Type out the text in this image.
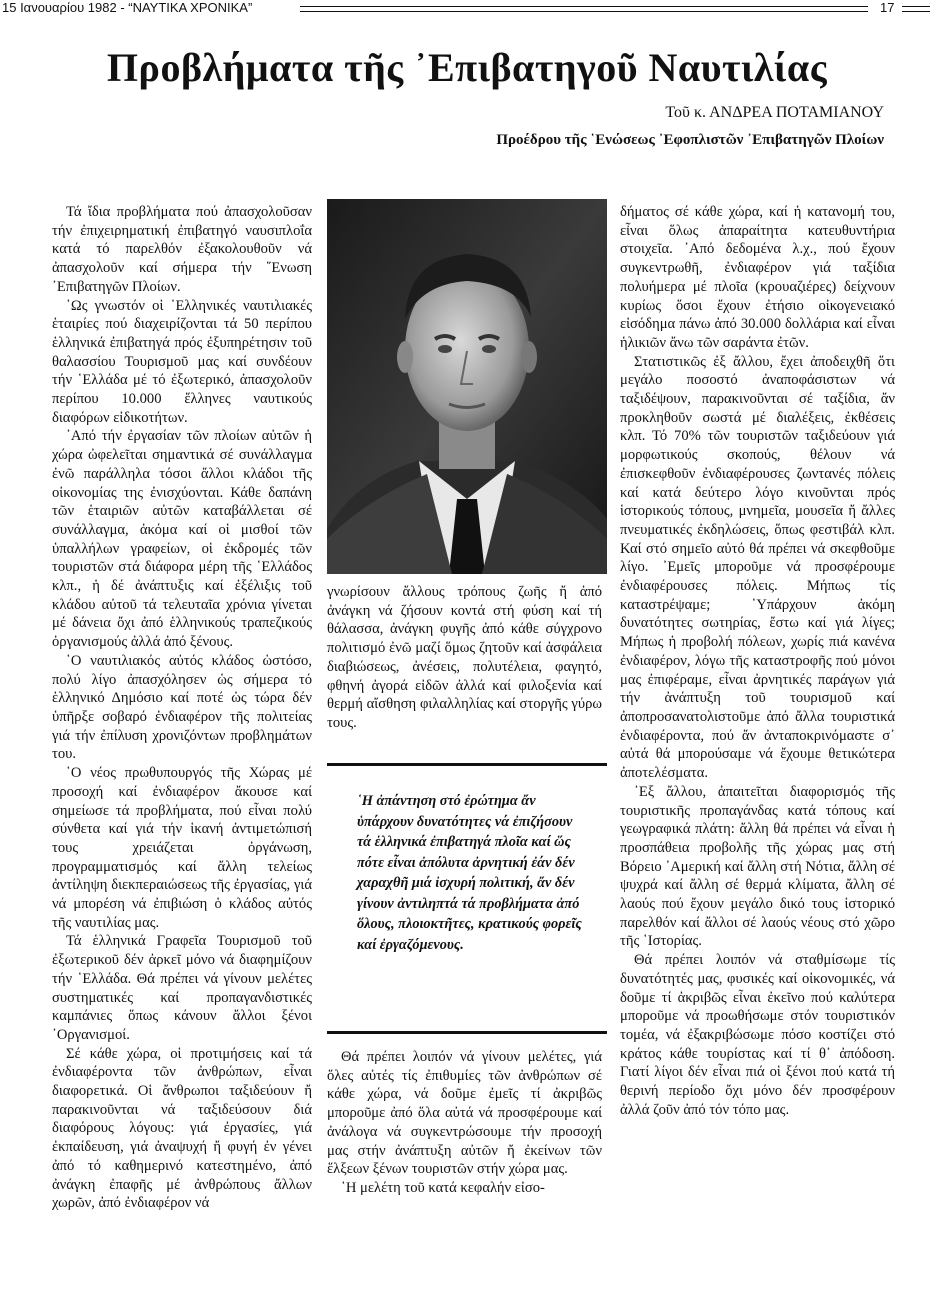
15 Ιανουαρίου 1982 - “ΝΑΥΤΙΚΑ ΧΡΟΝΙΚΑ”	17
Προβλήματα τῆς ᾿Επιβατηγοῦ Ναυτιλίας
Τοῦ κ. ΑΝΔΡΕΑ ΠΟΤΑΜΙΑΝΟΥ
Προέδρου τῆς ῾Ενώσεως ᾿Εφοπλιστῶν ᾿Επιβατηγῶν Πλοίων

Τά ἴδια προβλήματα πού ἀπασχολοῦσαν τήν ἐπιχειρηματική ἐπιβατηγό ναυσιπλοΐα κατά τό παρελθόν ἐξακολουθοῦν νά ἀπασχολοῦν καί σήμερα τήν ῞Ενωση ᾿Επιβατηγῶν Πλοίων.

῾Ως γνωστόν οἱ ῾Ελληνικές ναυτιλιακές ἑταιρίες πού διαχειρίζονται τά 50 περίπου ἑλληνικά ἐπιβατηγά πρός ἐξυπηρέτησιν τοῦ θαλασσίου Τουρισμοῦ μας καί συνδέουν τήν ῾Ελλάδα μέ τό ἐξωτερικό, ἀπασχολοῦν περίπου 10.000 ἕλληνες ναυτικούς διαφόρων εἰδικοτήτων.

᾿Από τήν ἐργασίαν τῶν πλοίων αὐτῶν ἡ χώρα ὠφελεῖται σημαντικά σέ συνάλλαγμα ἐνῶ παράλληλα τόσοι ἄλλοι κλάδοι τῆς οἰκονομίας της ἐνισχύονται. Κάθε δαπάνη τῶν ἑταιριῶν αὐτῶν καταβάλλεται σέ συνάλλαγμα, ἀκόμα καί οἱ μισθοί τῶν ὑπαλλήλων γραφείων, οἱ ἐκδρομές τῶν τουριστῶν στά διάφορα μέρη τῆς ῾Ελλάδος κλπ., ἡ δέ ἀνάπτυξις καί ἐξέλιξις τοῦ κλάδου αὐτοῦ τά τελευταῖα χρόνια γίνεται μέ δάνεια ὄχι ἀπό ἑλληνικούς τραπεζικούς ὀργανισμούς ἀλλά ἀπό ξένους.

῾Ο ναυτιλιακός αὐτός κλάδος ὡστόσο, πολύ λίγο ἀπασχόλησεν ὡς σήμερα τό ἑλληνικό Δημόσιο καί ποτέ ὡς τώρα δέν ὑπῆρξε σοβαρό ἐνδιαφέρον τῆς πολιτείας γιά τήν ἐπίλυση χρονιζόντων προβλημάτων του.

῾Ο νέος πρωθυπουργός τῆς Χώρας μέ προσοχή καί ἐνδιαφέρον ἄκουσε καί σημείωσε τά προβλήματα, πού εἶναι πολύ σύνθετα καί γιά τήν ἱκανή ἀντιμετώπισή τους χρειάζεται ὀργάνωση, προγραμματισμός καί ἄλλη τελείως ἀντίληψη διεκπεραιώσεως τῆς ἐργασίας, γιά νά μπορέση νά ἐπιβιώση ὁ κλάδος αὐτός τῆς ναυτιλίας μας.

Τά ἑλληνικά Γραφεῖα Τουρισμοῦ τοῦ ἐξωτερικοῦ δέν ἀρκεῖ μόνο νά διαφημίζουν τήν ῾Ελλάδα. Θά πρέπει νά γίνουν μελέτες συστηματικές καί προπαγανδιστικές καμπάνιες ὅπως κάνουν ἄλλοι ξένοι ᾿Οργανισμοί.

Σέ κάθε χώρα, οἱ προτιμήσεις καί τά ἐνδιαφέροντα τῶν ἀνθρώπων, εἶναι διαφορετικά. Οἱ ἄνθρωποι ταξιδεύουν ἤ παρακινοῦνται νά ταξιδεύσουν διά διαφόρους λόγους: γιά ἐργασίες, γιά ἐκπαίδευση, γιά ἀναψυχή ἤ φυγή ἐν γένει ἀπό τό καθημερινό κατεστημένο, ἀπό ἀνάγκη ἐπαφῆς μέ ἀνθρώπους ἄλλων χωρῶν, ἀπό ἐνδιαφέρον νά

γνωρίσουν ἄλλους τρόπους ζωῆς ἤ ἀπό ἀνάγκη νά ζήσουν κοντά στή φύση καί τή θάλασσα, ἀνάγκη φυγῆς ἀπό κάθε σύγχρονο πολιτισμό ἐνῶ μαζί ὅμως ζητοῦν καί ἀσφάλεια διαβιώσεως, ἀνέσεις, πολυτέλεια, φαγητό, φθηνή ἀγορά εἰδῶν ἀλλά καί φιλοξενία καί θερμή αἴσθηση φιλαλληλίας καί στοργῆς γύρω τους.

῾Η ἀπάντηση στό ἐρώτημα ἄν ὑπάρχουν δυνατότητες νά ἐπιζήσουν τά ἑλληνικά ἐπιβατηγά πλοῖα καί ὥς πότε εἶναι ἀπόλυτα ἀρνητική ἐάν δέν χαραχθῆ μιά ἰσχυρή πολιτική, ἄν δέν γίνουν ἀντιληπτά τά προβλήματα ἀπό ὅλους, πλοιοκτῆτες, κρατικούς φορεῖς καί ἐργαζόμενους.

Θά πρέπει λοιπόν νά γίνουν μελέτες, γιά ὅλες αὐτές τίς ἐπιθυμίες τῶν ἀνθρώπων σέ κάθε χώρα, νά δοῦμε ἐμεῖς τί ἀκριβῶς μποροῦμε ἀπό ὅλα αὐτά νά προσφέρουμε καί ἀνάλογα νά συγκεντρώσουμε τήν προσοχή μας στήν ἀνάπτυξη αὐτῶν ἤ ἐκείνων τῶν ἕλξεων ξένων τουριστῶν στήν χώρα μας.

῾Η μελέτη τοῦ κατά κεφαλήν εἰσο-

δήματος σέ κάθε χώρα, καί ἡ κατανομή του, εἶναι ὅλως ἀπαραίτητα κατευθυντήρια στοιχεῖα. ᾿Από δεδομένα λ.χ., πού ἔχουν συγκεντρωθῆ, ἐνδιαφέρον γιά ταξίδια πολυήμερα μέ πλοῖα (κρουαζιέρες) δείχνουν κυρίως ὅσοι ἔχουν ἐτήσιο οἰκογενειακό εἰσόδημα πάνω ἀπό 30.000 δολλάρια καί εἶναι ἡλικιῶν ἄνω τῶν σαράντα ἐτῶν.

Στατιστικῶς ἐξ ἄλλου, ἔχει ἀποδειχθῆ ὅτι μεγάλο ποσοστό ἀναποφάσιστων νά ταξιδέψουν, παρακινοῦνται σέ ταξίδια, ἄν προκληθοῦν σωστά μέ διαλέξεις, ἐκθέσεις κλπ. Τό 70% τῶν τουριστῶν ταξιδεύουν γιά μορφωτικούς σκοπούς, θέλουν νά ἐπισκεφθοῦν ἐνδιαφέρουσες ζωντανές πόλεις καί κατά δεύτερο λόγο κινοῦνται πρός ἱστορικούς τόπους, μνημεῖα, μουσεῖα ἤ ἄλλες πνευματικές ἐκδηλώσεις, ὅπως φεστιβάλ κλπ. Καί στό σημεῖο αὐτό θά πρέπει νά σκεφθοῦμε λίγο. ᾿Εμεῖς μποροῦμε νά προσφέρουμε ἐνδιαφέρουσες πόλεις. Μήπως τίς καταστρέψαμε; ῾Υπάρχουν ἀκόμη δυνατότητες σωτηρίας, ἔστω καί γιά λίγες; Μήπως ἡ προβολή πόλεων, χωρίς πιά κανένα ἐνδιαφέρον, λόγω τῆς καταστροφῆς πού μόνοι μας ἐπιφέραμε, εἶναι ἀρνητικές παράγων γιά τήν ἀνάπτυξη τοῦ τουρισμοῦ καί ἀποπροσανατολιστοῦμε ἀπό ἄλλα τουριστικά ἐνδιαφέροντα, πού ἄν ἀνταποκρινόμαστε σ᾿ αὐτά θά μπορούσαμε νά ἔχουμε θετικώτερα ἀποτελέσματα.

᾿Εξ ἄλλου, ἀπαιτεῖται διαφορισμός τῆς τουριστικῆς προπαγάνδας κατά τόπους καί γεωγραφικά πλάτη: ἄλλη θά πρέπει νά εἶναι ἡ προσπάθεια προβολῆς τῆς χώρας μας στή Βόρειο ᾿Αμερική καί ἄλλη στή Νότια, ἄλλη σέ ψυχρά καί ἄλλη σέ θερμά κλίματα, ἄλλη σέ λαούς πού ἔχουν μεγάλο δικό τους ἱστορικό παρελθόν καί ἄλλοι σέ λαούς νέους στό χῶρο τῆς ῾Ιστορίας.

Θά πρέπει λοιπόν νά σταθμίσωμε τίς δυνατότητές μας, φυσικές καί οἰκονομικές, νά δοῦμε τί ἀκριβῶς εἶναι ἐκεῖνο πού καλύτερα μποροῦμε νά προωθήσωμε στόν τουριστικόν τομέα, νά ἐξακριβώσωμε πόσο κοστίζει στό κράτος κάθε τουρίστας καί τί θ᾿ ἀπόδοση. Γιατί λίγοι δέν εἶναι πιά οἱ ξένοι πού κατά τή θερινή περίοδο ὄχι μόνο δέν προσφέρουν ἀλλά ζοῦν ἀπό τόν τόπο μας.
